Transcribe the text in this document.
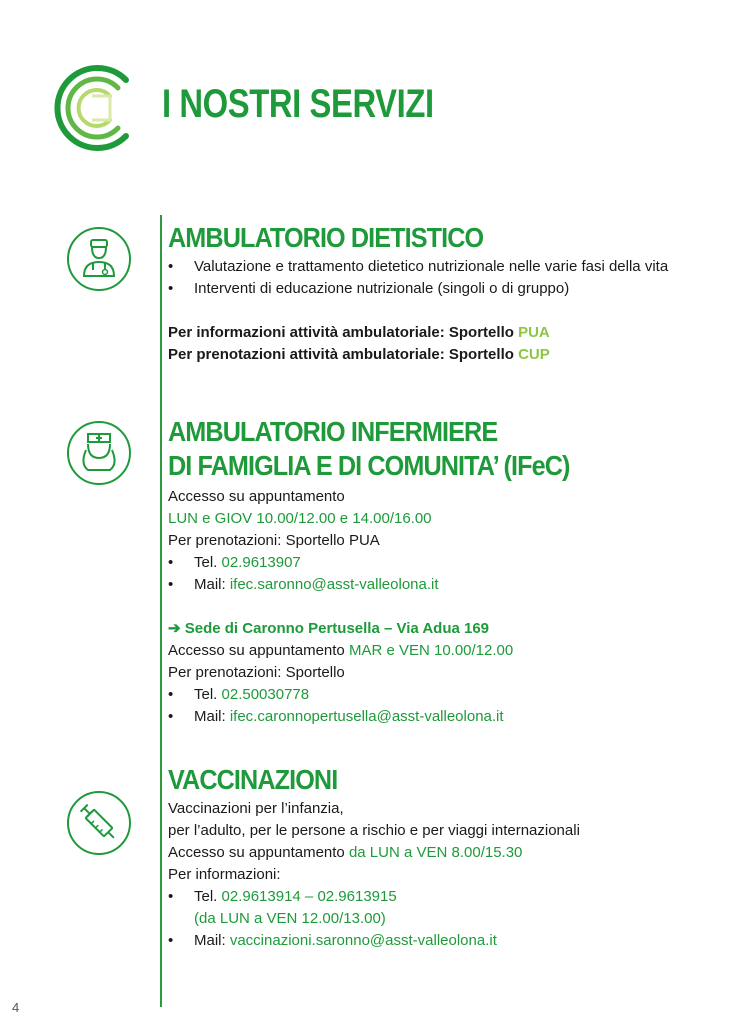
I NOSTRI SERVIZI
AMBULATORIO DIETISTICO
• Valutazione e trattamento dietetico nutrizionale nelle varie fasi della vita
• Interventi di educazione nutrizionale (singoli o di gruppo)
Per informazioni attività ambulatoriale: Sportello PUA
Per prenotazioni attività ambulatoriale: Sportello CUP
AMBULATORIO INFERMIERE
DI FAMIGLIA E DI COMUNITA’ (IFeC)
Accesso su appuntamento
LUN e GIOV 10.00/12.00 e 14.00/16.00
Per prenotazioni: Sportello PUA
• Tel. 02.9613907
• Mail: ifec.saronno@asst-valleolona.it
➔ Sede di Caronno Pertusella – Via Adua 169
Accesso su appuntamento MAR e VEN 10.00/12.00
Per prenotazioni: Sportello
• Tel. 02.50030778
• Mail: ifec.caronnopertusella@asst-valleolona.it
VACCINAZIONI
Vaccinazioni per l’infanzia,
per l’adulto, per le persone a rischio e per viaggi internazionali
Accesso su appuntamento da LUN a VEN 8.00/15.30
Per informazioni:
• Tel. 02.9613914 – 02.9613915
(da LUN a VEN 12.00/13.00)
• Mail: vaccinazioni.saronno@asst-valleolona.it
4
